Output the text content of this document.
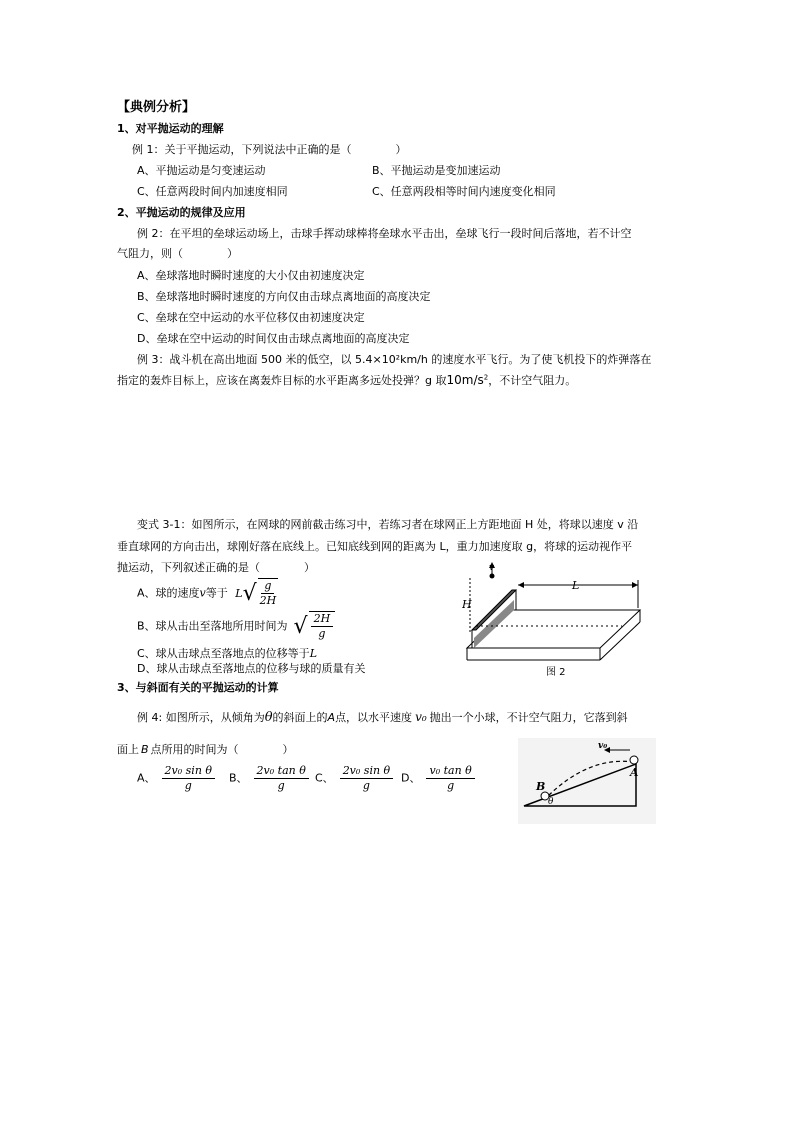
【典例分析】
1、对平抛运动的理解
例 1：关于平抛运动，下列说法中正确的是（　　　　）
A、平抛运动是匀变速运动	B、平抛运动是变加速运动
C、任意两段时间内加速度相同	C、任意两段相等时间内速度变化相同
2、平抛运动的规律及应用
例 2：在平坦的垒球运动场上，击球手挥动球棒将垒球水平击出，垒球飞行一段时间后落地，若不计空
气阻力，则（　　　　）
A、垒球落地时瞬时速度的大小仅由初速度决定
B、垒球落地时瞬时速度的方向仅由击球点离地面的高度决定
C、垒球在空中运动的水平位移仅由初速度决定
D、垒球在空中运动的时间仅由击球点离地面的高度决定
例 3：战斗机在高出地面 500 米的低空，以 5.4×10²km/h 的速度水平飞行。为了使飞机投下的炸弹落在
指定的轰炸目标上，应该在离轰炸目标的水平距离多远处投弹？g 取$10m/s^2$，不计空气阻力。
变式 3-1：如图所示，在网球的网前截击练习中，若练习者在球网正上方距地面 H 处，将球以速度 v 沿
垂直球网的方向击出，球刚好落在底线上。已知底线到网的距离为 L，重力加速度取 g，将球的运动视作平
抛运动，下列叙述正确的是（　　　　）
A、球的速度v等于 $L√ \frac{g}{2H}$
B、球从击出至落地所用时间为 √ $\frac{2H}{g}$
C、球从击球点至落地点的位移等于L
D、球从击球点至落地点的位移与球的质量有关
v
H
L
图 2
3、与斜面有关的平抛运动的计算
例 4: 如图所示，从倾角为θ的斜面上的A点，以水平速度 v₀ 抛出一个小球，不计空气阻力，它落到斜
面上 B 点所用的时间为（　　　　）
A、 $\frac{\text{2v₀ sin θ}}{g}$ B、 $\frac{\text{2v₀ tan θ}}{g}$ C、 $\frac{\text{2v₀ sin θ}}{g}$ D、 $\frac{\text{v₀ tan θ}}{g}$
v₀
A
B
θ
